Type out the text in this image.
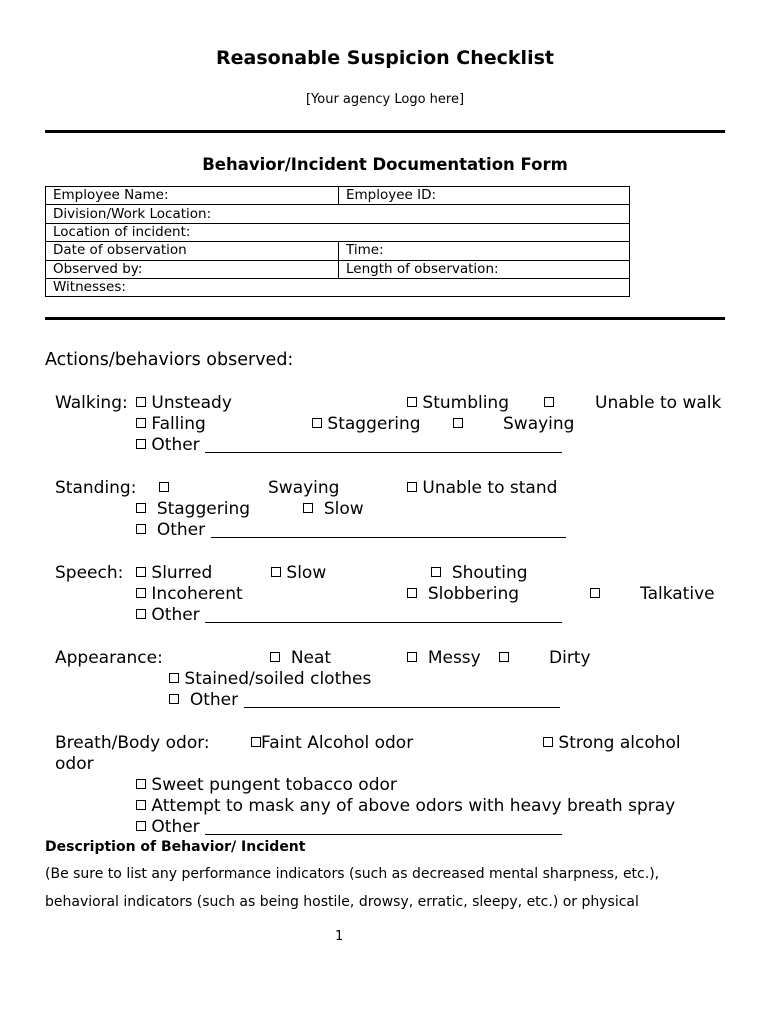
Reasonable Suspicion Checklist
[Your agency Logo here]
Behavior/Incident Documentation Form
Employee Name:	Employee ID:
Division/Work Location:	
Location of incident:	
Date of observation	Time:
Observed by:	Length of observation:
Witnesses:	
Actions/behaviors observed:
Walking:	Unsteady	Stumbling	Unable to walk
Falling	Staggering	Swaying
Other
Standing:	Swaying	Unable to stand
Staggering	Slow
Other
Speech:	Slurred	Slow	Shouting
Incoherent	Slobbering	Talkative
Other
Appearance:	Neat	Messy	Dirty
Stained/soiled clothes
Other
Breath/Body odor:	Faint Alcohol odor	Strong alcohol
odor
Sweet pungent tobacco odor
Attempt to mask any of above odors with heavy breath spray
Other
Description of Behavior/ Incident
(Be sure to list any performance indicators (such as decreased mental sharpness, etc.),
behavioral indicators (such as being hostile, drowsy, erratic, sleepy, etc.) or physical
1
